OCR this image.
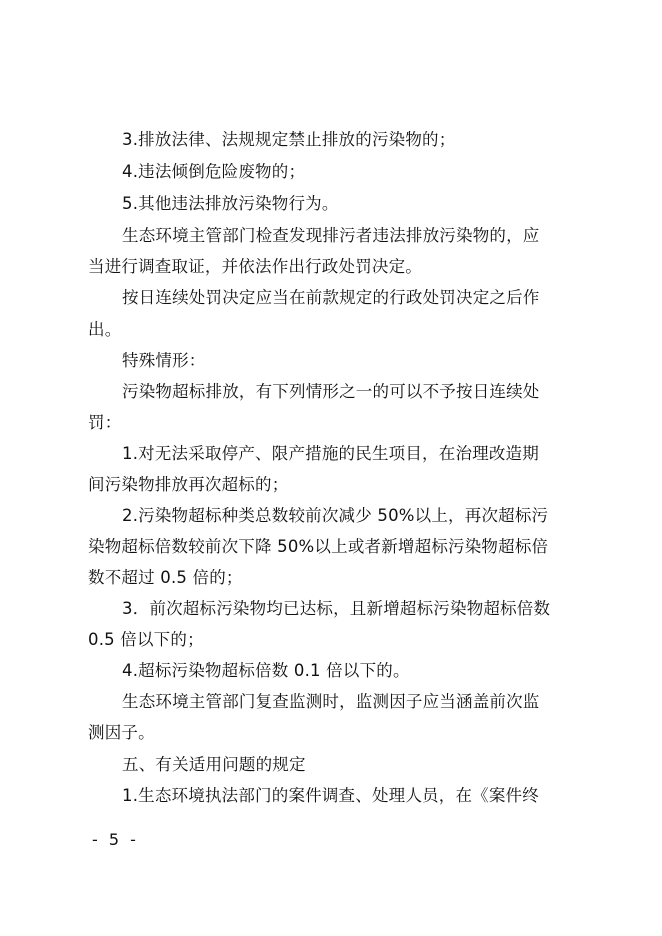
3.排放法律、法规规定禁止排放的污染物的；
4.违法倾倒危险废物的；
5.其他违法排放污染物行为。
生态环境主管部门检查发现排污者违法排放污染物的，应
当进行调查取证，并依法作出行政处罚决定。
按日连续处罚决定应当在前款规定的行政处罚决定之后作
出。
特殊情形：
污染物超标排放，有下列情形之一的可以不予按日连续处
罚：
1.对无法采取停产、限产措施的民生项目，在治理改造期
间污染物排放再次超标的；
2.污染物超标种类总数较前次减少 50%以上，再次超标污
染物超标倍数较前次下降 50%以上或者新增超标污染物超标倍
数不超过 0.5 倍的；
3．前次超标污染物均已达标，且新增超标污染物超标倍数
0.5 倍以下的；
4.超标污染物超标倍数 0.1 倍以下的。
生态环境主管部门复查监测时，监测因子应当涵盖前次监
测因子。
五、有关适用问题的规定
1.生态环境执法部门的案件调查、处理人员，在《案件终
- 5 -
